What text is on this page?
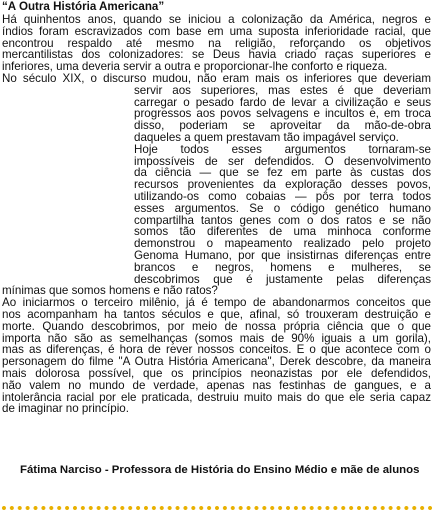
“A Outra História Americana”
Há quinhentos anos, quando se iniciou a colonização da América, negros e
índios foram escravizados com base em uma suposta inferioridade racial, que
encontrou respaldo até mesmo na religião, reforçando os objetivos
mercantilistas dos colonizadores: se Deus havia criado raças superiores e
inferiores, uma deveria servir a outra e proporcionar-lhe conforto e riqueza.
No século XIX, o discurso mudou, não eram mais os inferiores que deveriam
servir aos superiores, mas estes é que deveriam
carregar o pesado fardo de levar a civilização e seus
progressos aos povos selvagens e incultos e, em troca
disso, poderiam se aproveitar da mão-de-obra
daqueles a quem prestavam tão impagável serviço.
Hoje todos esses argumentos tornaram-se
impossíveis de ser defendidos. O desenvolvimento
da ciência — que se fez em parte às custas dos
recursos provenientes da exploração desses povos,
utilizando-os como cobaias — pôs por terra todos
esses argumentos. Se o código genético humano
compartilha tantos genes com o dos ratos e se não
somos tão diferentes de uma minhoca conforme
demonstrou o mapeamento realizado pelo projeto
Genoma Humano, por que insistirnas diferenças entre
brancos e negros, homens e mulheres, se
descobrimos que é justamente pelas diferenças
mínimas que somos homens e não ratos?
Ao iniciarmos o terceiro milênio, já é tempo de abandonarmos conceitos que
nos acompanham ha tantos séculos e que, afinal, só trouxeram destruição e
morte. Quando descobrimos, por meio de nossa própria ciência que o que
importa não são as semelhanças (somos mais de 90% iguais a um gorila),
mas as diferenças, é hora de rever nossos conceitos. E o que acontece com o
personagem do filme "A Outra História Americana", Derek descobre, da maneira
mais dolorosa possível, que os princípios neonazistas por ele defendidos,
não valem no mundo de verdade, apenas nas festinhas de gangues, e a
intolerância racial por ele praticada, destruiu muito mais do que ele seria capaz
de imaginar no princípio.
Fátima Narciso - Professora de História do Ensino Médio e mãe de alunos
